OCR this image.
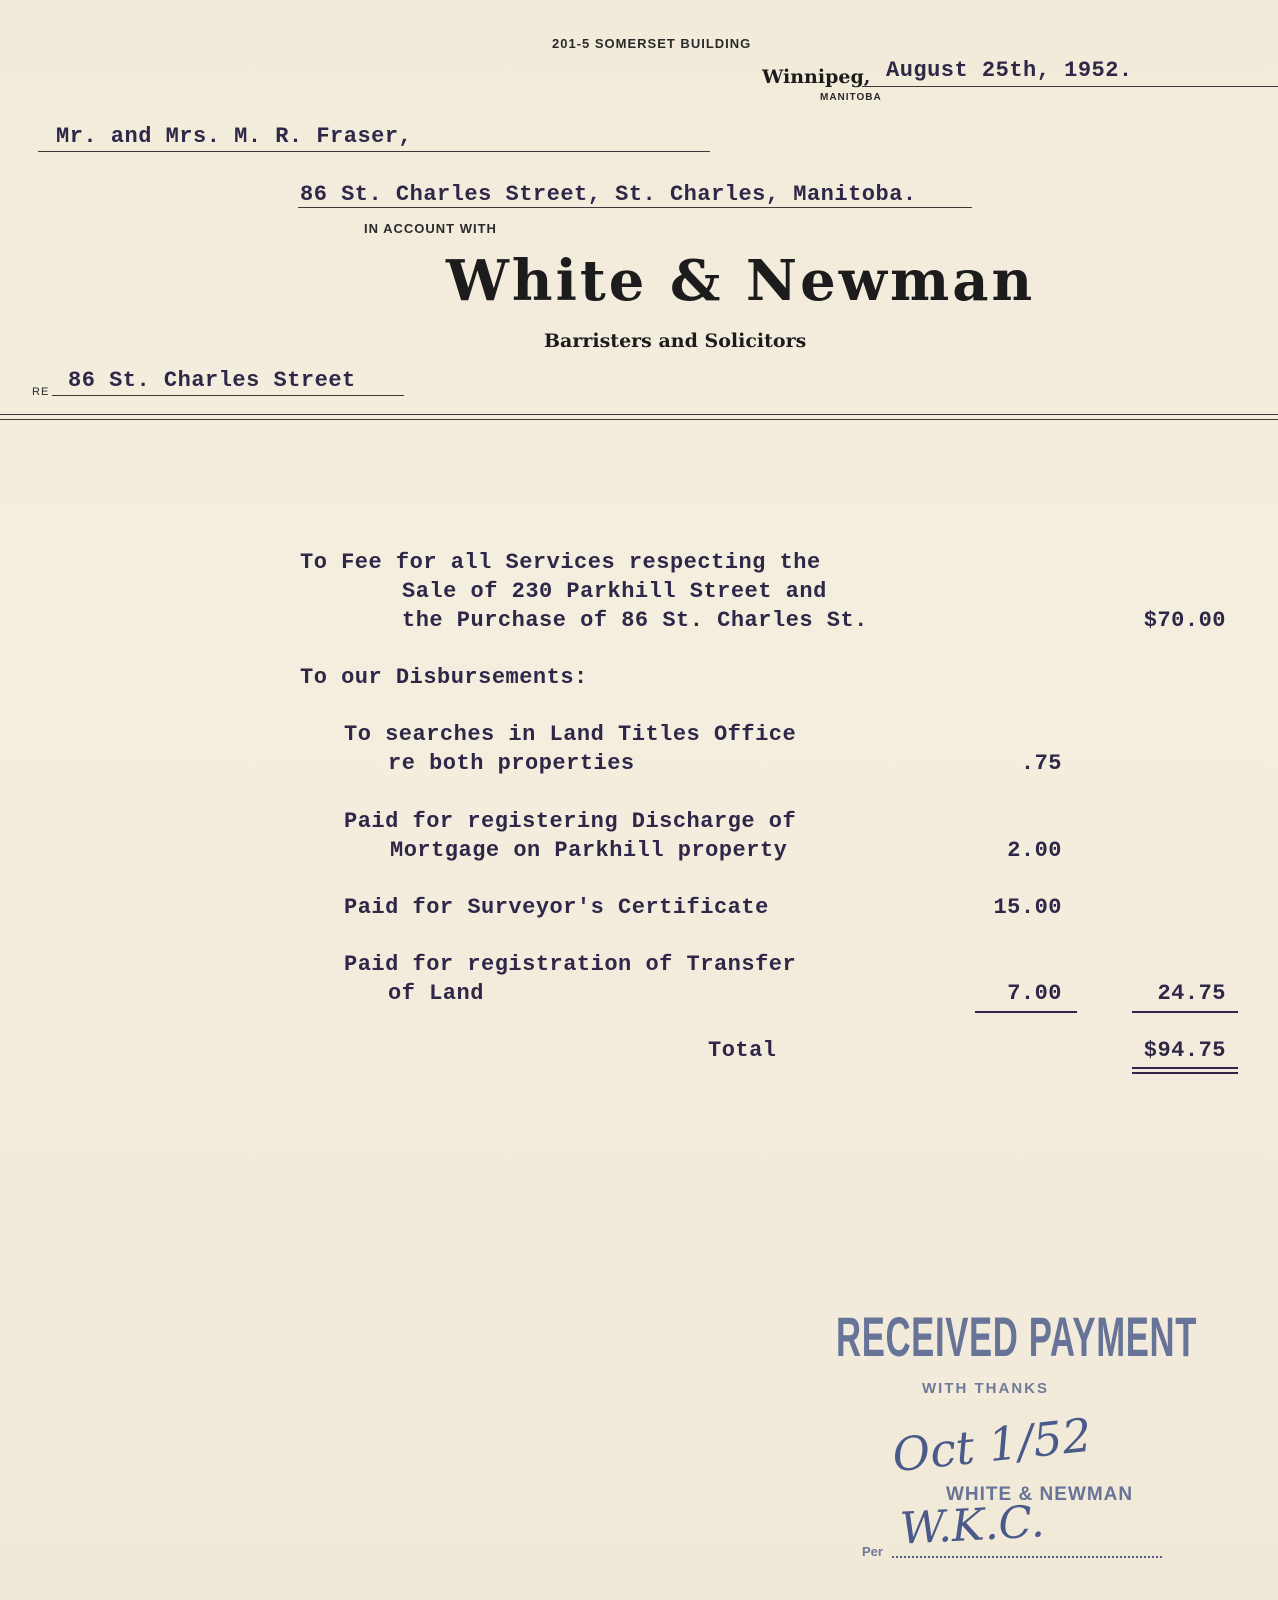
201-5 SOMERSET BUILDING
Winnipeg,
MANITOBA
August 25th, 1952.
Mr. and Mrs. M. R. Fraser,
86 St. Charles Street, St. Charles, Manitoba.
IN ACCOUNT WITH
White & Newman
Barristers and Solicitors
RE 86 St. Charles Street
To Fee for all Services respecting the
Sale of 230 Parkhill Street and
the Purchase of 86 St. Charles St.	$70.00
To our Disbursements:
To searches in Land Titles Office
re both properties	.75
Paid for registering Discharge of
Mortgage on Parkhill property	2.00
Paid for Surveyor's Certificate	15.00
Paid for registration of Transfer
of Land	7.00	24.75
Total	$94.75
RECEIVED PAYMENT
WITH THANKS
Oct 1/52
WHITE & NEWMAN
Per W.K.C.
